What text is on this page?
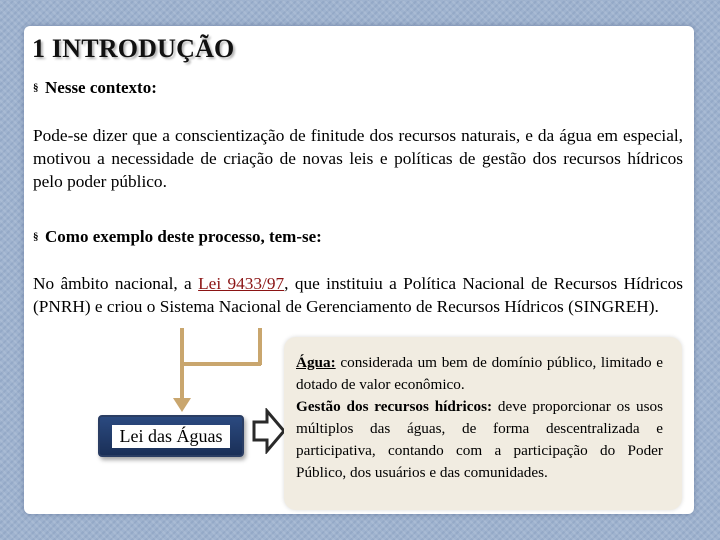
1 INTRODUÇÃO
§ Nesse contexto:
Pode-se dizer que a conscientização de finitude dos recursos naturais, e da água em especial, motivou a necessidade de criação de novas leis e políticas de gestão dos recursos hídricos pelo poder público.
§ Como exemplo deste processo, tem-se:
No âmbito nacional, a Lei 9433/97, que instituiu a Política Nacional de Recursos Hídricos (PNRH) e criou o Sistema Nacional de Gerenciamento de Recursos Hídricos (SINGREH).
Lei das Águas
Água: considerada um bem de domínio público, limitado e dotado de valor econômico.
Gestão dos recursos hídricos: deve proporcionar os usos múltiplos das águas, de forma descentralizada e participativa, contando com a participação do Poder Público, dos usuários e das comunidades.
